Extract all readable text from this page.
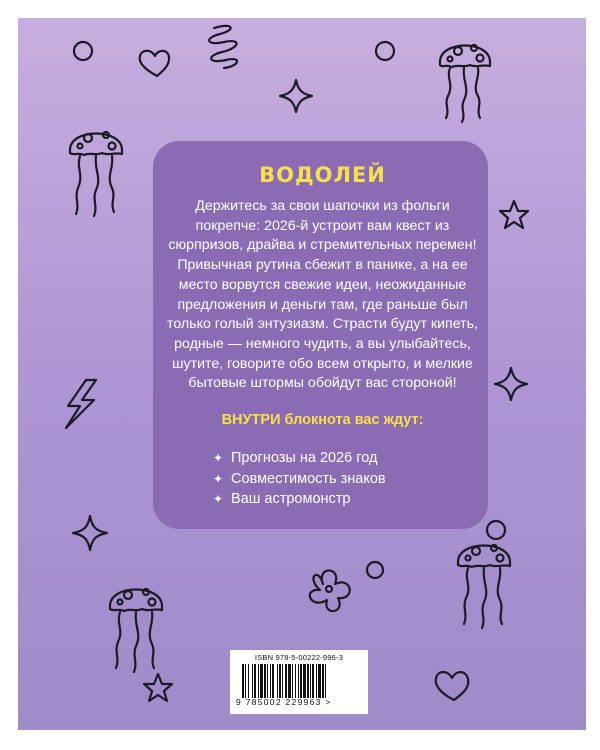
ВОДОЛЕЙ
Держитесь за свои шапочки из фольги
покрепче: 2026-й устроит вам квест из
сюрпризов, драйва и стремительных перемен!
Привычная рутина сбежит в панике, а на ее
место ворвутся свежие идеи, неожиданные
предложения и деньги там, где раньше был
только голый энтузиазм. Страсти будут кипеть,
родные — немного чудить, а вы улыбайтесь,
шутите, говорите обо всем открыто, и мелкие
бытовые штормы обойдут вас стороной!
ВНУТРИ блокнота вас ждут:
✦ Прогнозы на 2026 год
✦ Совместимость знаков
✦ Ваш астромонстр
ISBN 978-5-00222-996-3
9 785002 229963 >
